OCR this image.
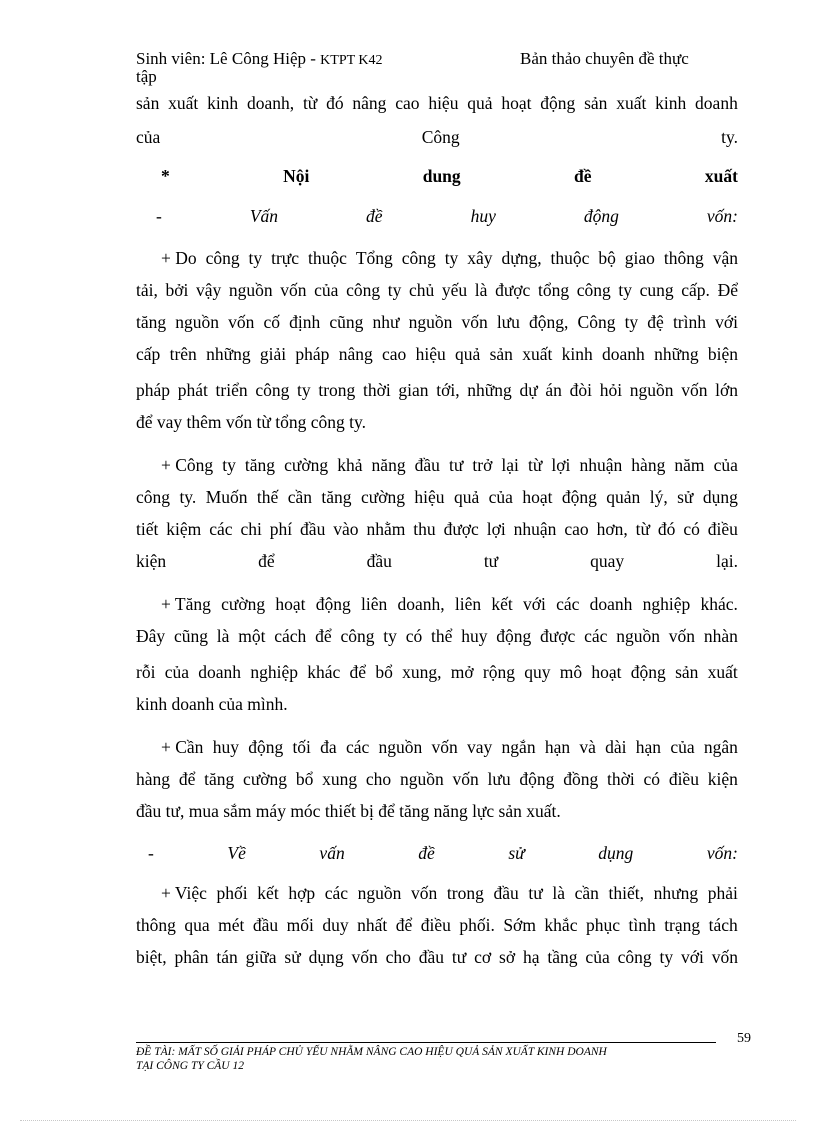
Sinh viên: Lê Công Hiệp - KTPT K42	Bản thảo chuyên đề thực
tập
sản xuất kinh doanh, từ đó nâng cao hiệu quả hoạt động sản xuất kinh doanh
của	Công	ty.
*	Nội	dung	đề	xuất
-	Vấn	đề	huy	động	vốn:
+ Do công ty trực thuộc Tổng công ty xây dựng, thuộc bộ giao thông vận
tải, bởi vậy nguồn vốn của công ty chủ yếu là được tổng công ty cung cấp. Để
tăng nguồn vốn cố định cũng như nguồn vốn lưu động, Công ty đệ trình với
cấp trên những giải pháp nâng cao hiệu quả sản xuất kinh doanh những biện
pháp phát triển công ty trong thời gian tới, những dự án đòi hỏi nguồn vốn lớn
để vay thêm vốn từ tổng công ty.
+ Công ty tăng cường khả năng đầu tư trở lại từ lợi nhuận hàng năm của
công ty. Muốn thế cần tăng cường hiệu quả của hoạt động quản lý, sử dụng
tiết kiệm các chi phí đầu vào nhằm thu được lợi nhuận cao hơn, từ đó có điều
kiện	để	đầu	tư	quay	lại.
+ Tăng cường hoạt động liên doanh, liên kết với các doanh nghiệp khác.
Đây cũng là một cách để công ty có thể huy động được các nguồn vốn nhàn
rỗi của doanh nghiệp khác để bổ xung, mở rộng quy mô hoạt động sản xuất
kinh doanh của mình.
+ Cần huy động tối đa các nguồn vốn vay ngắn hạn và dài hạn của ngân
hàng để tăng cường bổ xung cho nguồn vốn lưu động đồng thời có điều kiện
đầu tư, mua sắm máy móc thiết bị để tăng năng lực sản xuất.
-	Về	vấn	đề	sử	dụng	vốn:
+ Việc phối kết hợp các nguồn vốn trong đầu tư là cần thiết, nhưng phải
thông qua mét đầu mối duy nhất để điều phối. Sớm khắc phục tình trạng tách
biệt, phân tán giữa sử dụng vốn cho đầu tư cơ sở hạ tầng của công ty với vốn
59
ĐỀ TÀI: MẤT SỐ GIẢI PHÁP CHỦ YẾU NHẰM NÂNG CAO HIỆU QUẢ SẢN XUẤT KINH DOANH
TẠI CÔNG TY CẦU 12
